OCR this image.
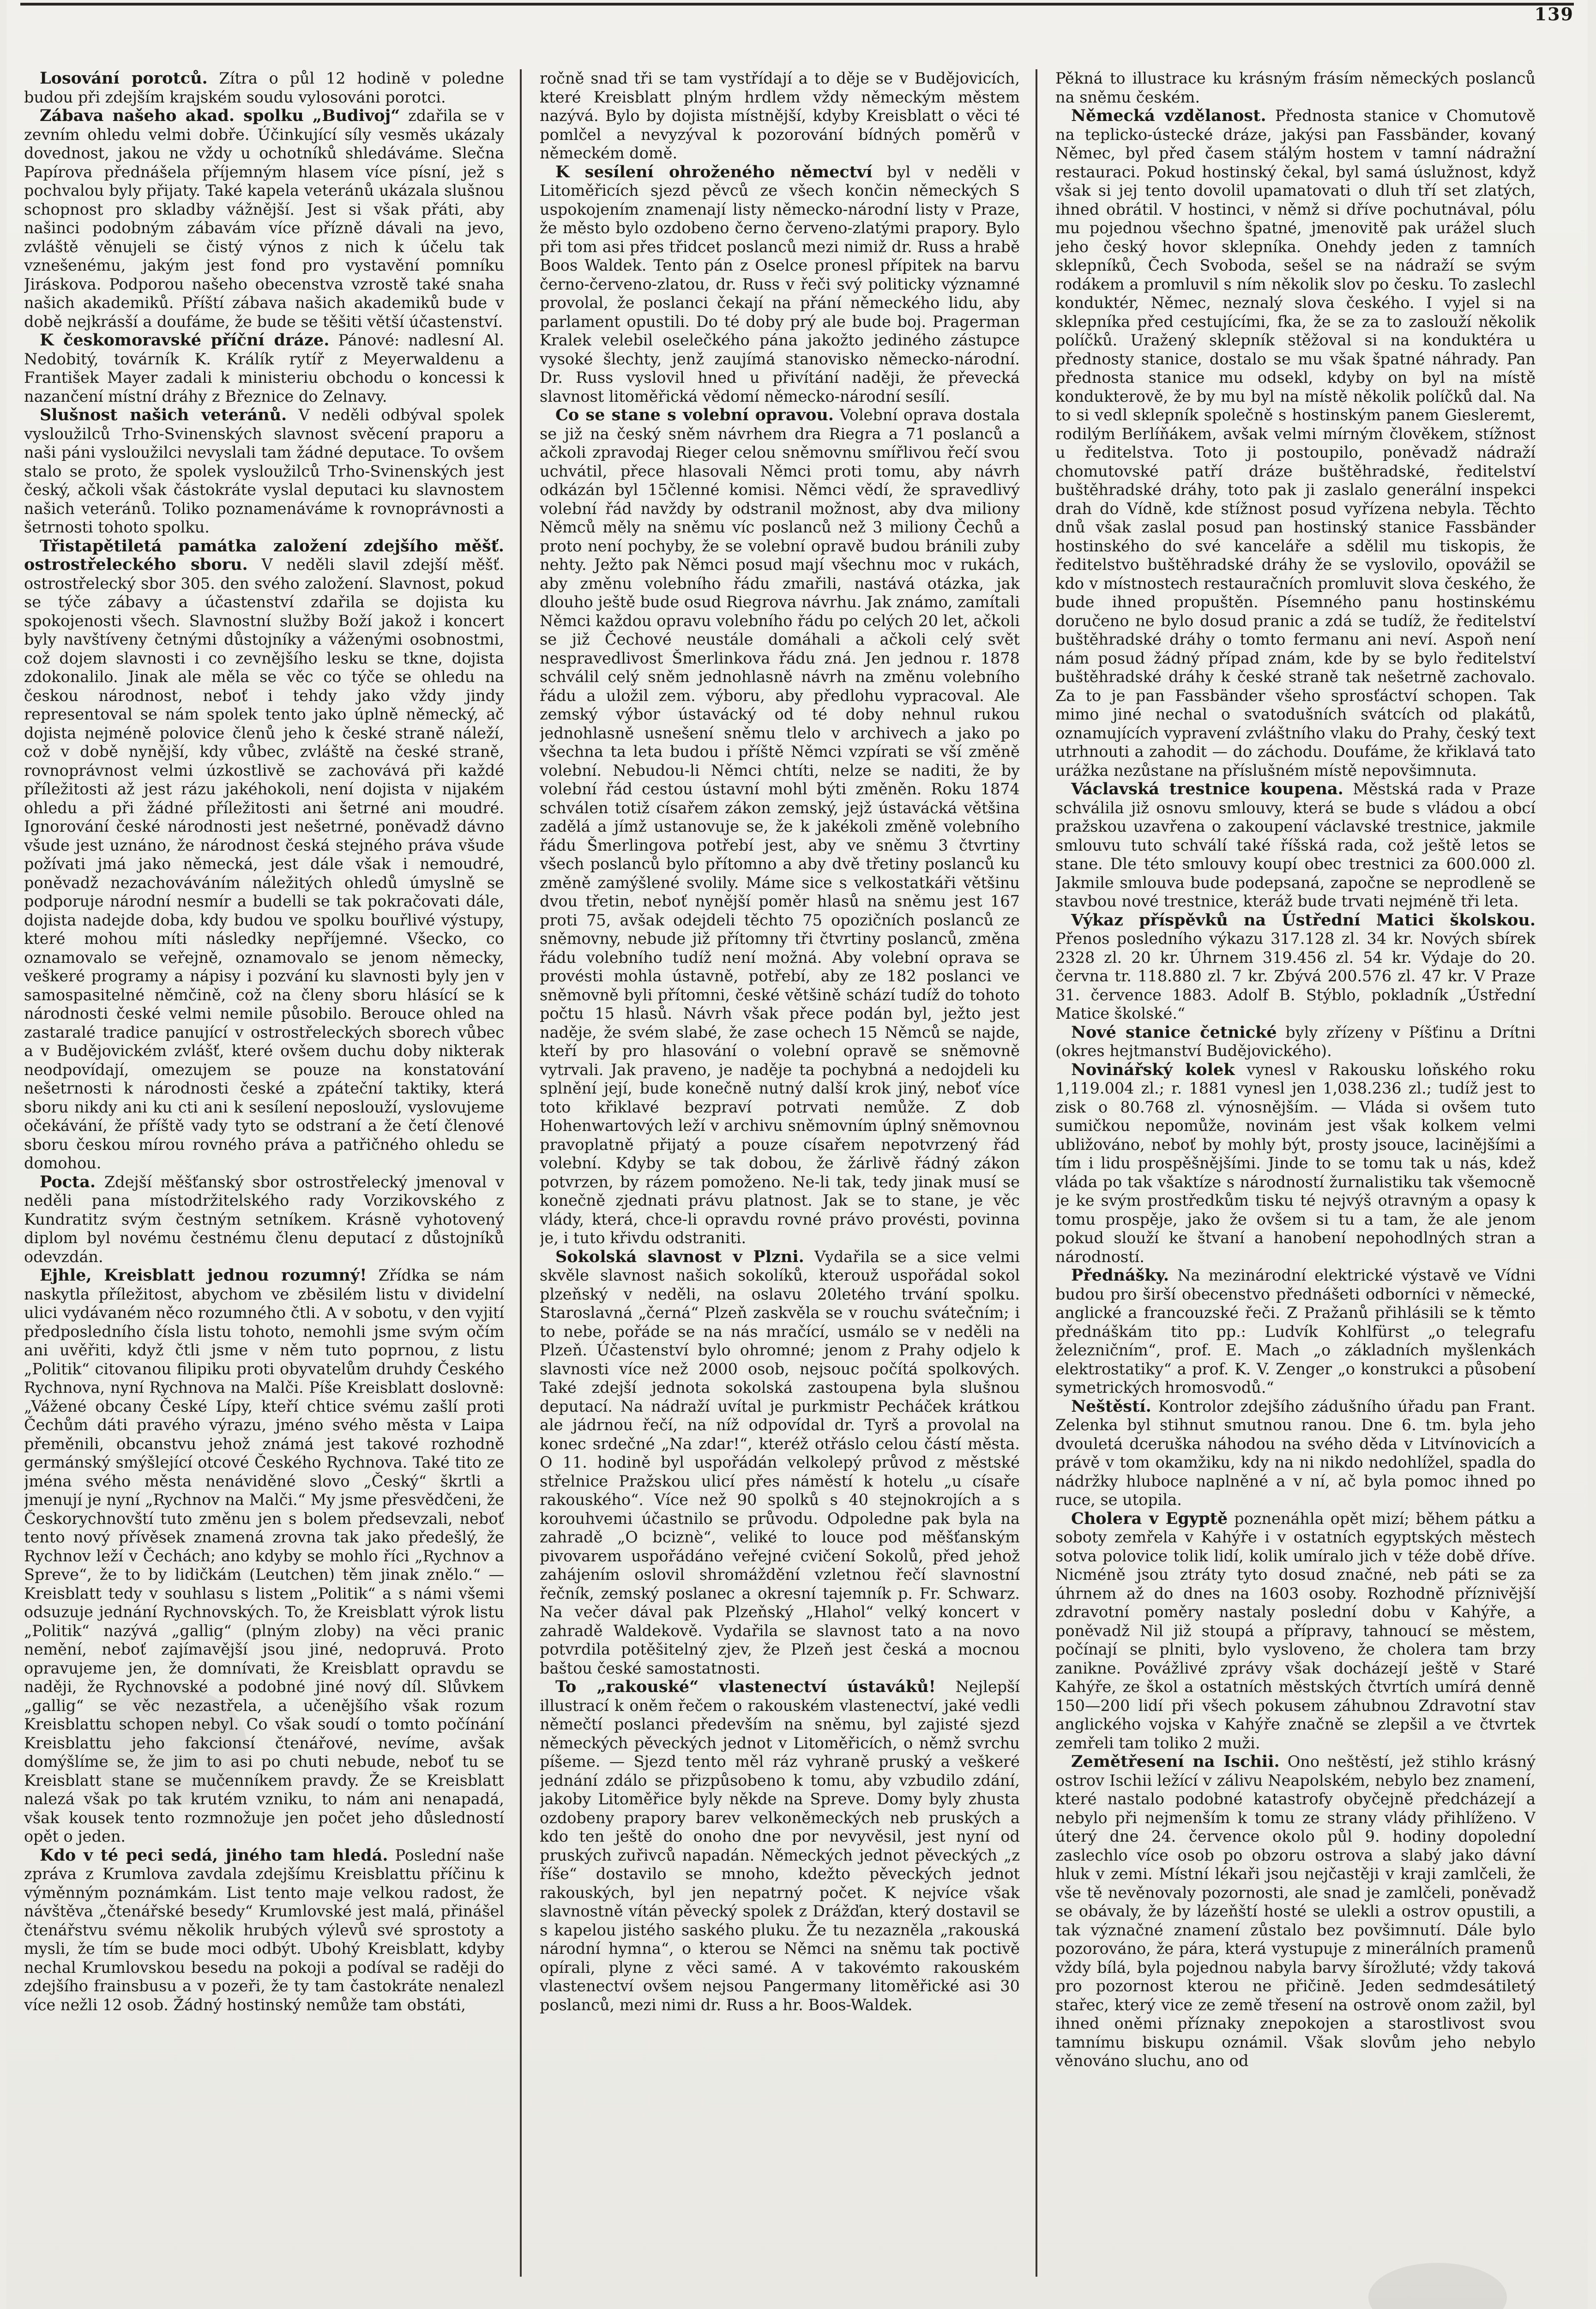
139

Losování porotců. Zítra o půl 12 hodině v poledne budou při zdejším krajském soudu vylosováni porotci.

Zábava našeho akad. spolku „Budivoj“ zdařila se v zevním ohledu velmi dobře. Účinkující síly vesměs ukázaly dovednost, jakou ne vždy u ochotníků shledáváme. Slečna Papírova přednášela příjemným hlasem více písní, jež s pochvalou byly přijaty. Také kapela veteránů ukázala slušnou schopnost pro skladby vážnější. Jest si však přáti, aby našinci podobným zábavám více přízně dávali na jevo, zvláště věnujeli se čistý výnos z nich k účelu tak vznešenému, jakým jest fond pro vystavění pomníku Jiráskova. Podporou našeho obecenstva vzrostě také snaha našich akademiků. Příští zábava našich akademiků bude v době nejkrásší a doufáme, že bude se těšiti větší účastenství.

K českomoravské příční dráze. Pánové: nadlesní Al. Nedobitý, továrník K. Králík rytíř z Meyerwaldenu a František Mayer zadali k ministeriu obchodu o koncessi k nazančení místní dráhy z Březnice do Zelnavy.

Slušnost našich veteránů. V neděli odbýval spolek vysloužilců Trho-Svinenských slavnost svěcení praporu a naši páni vysloužilci nevyslali tam žádné deputace. To ovšem stalo se proto, že spolek vysloužilců Trho-Svinenských jest český, ačkoli však částokráte vyslal deputaci ku slavnostem našich veteránů. Toliko poznamenáváme k rovnoprávnosti a šetrnosti tohoto spolku.

Třistapětiletá památka založení zdejšího měšť. ostrostřeleckého sboru. V neděli slavil zdejší měšť. ostrostřelecký sbor 305. den svého založení. Slavnost, pokud se týče zábavy a účastenství zdařila se dojista ku spokojenosti všech. Slavnostní služby Boží jakož i koncert byly navštíveny četnými důstojníky a váženými osobnostmi, což dojem slavnosti i co zevnějšího lesku se tkne, dojista zdokonalilo. Jinak ale měla se věc co týče se ohledu na českou národnost, neboť i tehdy jako vždy jindy representoval se nám spolek tento jako úplně německý, ač dojista nejméně polovice členů jeho k české straně náleží, což v době nynější, kdy vůbec, zvláště na české straně, rovnoprávnost velmi úzkostlivě se zachovává při každé příležitosti až jest rázu jakéhokoli, není dojista v nijakém ohledu a při žádné příležitosti ani šetrné ani moudré. Ignorování české národnosti jest nešetrné, poněvadž dávno všude jest uznáno, že národnost česká stejného práva všude požívati jmá jako německá, jest dále však i nemoudré, poněvadž nezachováváním náležitých ohledů úmyslně se podporuje národní nesmír a budelli se tak pokračovati dále, dojista nadejde doba, kdy budou ve spolku bouřlivé výstupy, které mohou míti následky nepříjemné. Všecko, co oznamovalo se veřejně, oznamovalo se jenom německy, veškeré programy a nápisy i pozvání ku slavnosti byly jen v samospasitelné němčině, což na členy sboru hlásící se k národnosti české velmi nemile působilo. Berouce ohled na zastaralé tradice panující v ostrostřeleckých sborech vůbec a v Budějovickém zvlášť, které ovšem duchu doby nikterak neodpovídají, omezujem se pouze na konstatování nešetrnosti k národnosti české a zpáteční taktiky, která sboru nikdy ani ku cti ani k sesílení neposlouží, vyslovujeme očekávání, že příště vady tyto se odstraní a že četí členové sboru českou mírou rovného práva a patřičného ohledu se domohou.

Pocta. Zdejší měšťanský sbor ostrostřelecký jmenoval v neděli pana místodržitelského rady Vorzikovského z Kundratitz svým čestným setníkem. Krásně vyhotovený diplom byl novému čestnému členu deputací z důstojníků odevzdán.

Ejhle, Kreisblatt jednou rozumný! Zřídka se nám naskytla příležitost, abychom ve zběsilém listu v dividelní ulici vydávaném něco rozumného čtli. A v sobotu, v den vyjití předposledního čísla listu tohoto, nemohli jsme svým očím ani uvěřiti, když čtli jsme v něm tuto poprnou, z listu „Politik“ citovanou filipiku proti obyvatelům druhdy Českého Rychnova, nyní Rychnova na Malči. Píše Kreisblatt doslovně: „Vážené obcany České Lípy, kteří chtice svému zašlí proti Čechům dáti pravého výrazu, jméno svého města v Laipa přeměnili, obcanstvu jehož známá jest takové rozhodně germánský smýšlející otcové Českého Rychnova. Také tito ze jména svého města nenáviděné slovo „Český“ škrtli a jmenují je nyní „Rychnov na Malči.“ My jsme přesvědčeni, že Českorychnovští tuto změnu jen s bolem předsevzali, neboť tento nový přívěsek znamená zrovna tak jako předešlý, že Rychnov leží v Čechách; ano kdyby se mohlo říci „Rychnov a Spreve“, že to by lidičkám (Leutchen) těm jinak znělo.“ — Kreisblatt tedy v souhlasu s listem „Politik“ a s námi všemi odsuzuje jednání Rychnovských. To, že Kreisblatt výrok listu „Politik“ nazývá „gallig“ (plným zloby) na věci pranic nemění, neboť zajímavější jsou jiné, nedopruvá. Proto opravujeme jen, že domnívati, že Kreisblatt opravdu se naději, že Rychnovské a podobné jiné nový díl. Slůvkem „gallig“ se věc nezastřela, a učenějšího však rozum Kreisblattu schopen nebyl. Co však soudí o tomto počínání Kreisblattu jeho fakcionsí čtenářové, nevíme, avšak domýšlíme se, že jim to asi po chuti nebude, neboť tu se Kreisblatt stane se mučenníkem pravdy. Že se Kreisblatt nalezá však po tak krutém vzniku, to nám ani nenapadá, však kousek tento rozmnožuje jen počet jeho důsledností opět o jeden.

Kdo v té peci sedá, jiného tam hledá. Poslední naše zpráva z Krumlova zavdala zdejšímu Kreisblattu příčinu k výměnným poznámkám. List tento maje velkou radost, že návštěva „čtenářské besedy“ Krumlovské jest malá, přinášel čtenářstvu svému několik hrubých výlevů své sprostoty a mysli, že tím se bude moci odbýt. Ubohý Kreisblatt, kdyby nechal Krumlovskou besedu na pokoji a podíval se raději do zdejšího frainsbusu a v pozeři, že ty tam častokráte nenalezl více nežli 12 osob. Žádný hostinský nemůže tam obstáti,

ročně snad tři se tam vystřídají a to děje se v Budějovicích, které Kreisblatt plným hrdlem vždy německým městem nazývá. Bylo by dojista místnější, kdyby Kreisblatt o věci té pomlčel a nevyzýval k pozorování bídných poměrů v německém domě.

K sesílení ohroženého němectví byl v neděli v Litoměřicích sjezd pěvců ze všech končin německých S uspokojením znamenají listy německo-národní listy v Praze, že město bylo ozdobeno černo červeno-zlatými prapory. Bylo při tom asi přes třidcet poslanců mezi nimiž dr. Russ a hrabě Boos Waldek. Tento pán z Oselce pronesl přípitek na barvu černo-červeno-zlatou, dr. Russ v řeči svý politicky významné provolal, že poslanci čekají na přání německého lidu, aby parlament opustili. Do té doby prý ale bude boj. Pragerman Kralek velebil oselečkého pána jakožto jediného zástupce vysoké šlechty, jenž zaujímá stanovisko německo-národní. Dr. Russ vyslovil hned u přivítání naději, že převecká slavnost litoměřická vědomí německo-národní sesílí.

Co se stane s volební opravou. Volební oprava dostala se již na český sněm návrhem dra Riegra a 71 poslanců a ačkoli zpravodaj Rieger celou sněmovnu smířlivou řečí svou uchvátil, přece hlasovali Němci proti tomu, aby návrh odkázán byl 15členné komisi. Němci vědí, že spravedlivý volební řád navždy by odstranil možnost, aby dva miliony Němců měly na sněmu víc poslanců než 3 miliony Čechů a proto není pochyby, že se volební opravě budou bránili zuby nehty. Ježto pak Němci posud mají všechnu moc v rukách, aby změnu volebního řádu zmařili, nastává otázka, jak dlouho ještě bude osud Riegrova návrhu. Jak známo, zamítali Němci každou opravu volebního řádu po celých 20 let, ačkoli se již Čechové neustále domáhali a ačkoli celý svět nespravedlivost Šmerlinkova řádu zná. Jen jednou r. 1878 schválil celý sněm jednohlasně návrh na změnu volebního řádu a uložil zem. výboru, aby předlohu vypracoval. Ale zemský výbor ústavácký od té doby nehnul rukou jednohlasně usnešení sněmu tlelo v archivech a jako po všechna ta leta budou i příště Němci vzpírati se vší změně volební. Nebudou-li Němci chtíti, nelze se naditi, že by volební řád cestou ústavní mohl býti změněn. Roku 1874 schválen totiž císařem zákon zemský, jejž ústavácká většina zadělá a jímž ustanovuje se, že k jakékoli změně volebního řádu Šmerlingova potřebí jest, aby ve sněmu 3 čtvrtiny všech poslanců bylo přítomno a aby dvě třetiny poslanců ku změně zamýšlené svolily. Máme sice s velkostatkáři většinu dvou třetin, neboť nynější poměr hlasů na sněmu jest 167 proti 75, avšak odejdeli těchto 75 opozičních poslanců ze sněmovny, nebude již přítomny tři čtvrtiny poslanců, změna řádu volebního tudíž není možná. Aby volební oprava se provésti mohla ústavně, potřebí, aby ze 182 poslanci ve sněmovně byli přítomni, české většině schází tudíž do tohoto počtu 15 hlasů. Návrh však přece podán byl, ježto jest naděje, že svém slabé, že zase ochech 15 Němců se najde, kteří by pro hlasování o volební opravě se sněmovně vytrvali. Jak praveno, je naděje ta pochybná a nedojdeli ku splnění její, bude konečně nutný další krok jiný, neboť více toto křiklavé bezpraví potrvati nemůže. Z dob Hohenwartových leží v archivu sněmovním úplný sněmovnou pravoplatně přijatý a pouze císařem nepotvrzený řád volební. Kdyby se tak dobou, že žárlivě řádný zákon potvrzen, by rázem pomoženo. Ne-li tak, tedy jinak musí se konečně zjednati právu platnost. Jak se to stane, je věc vlády, která, chce-li opravdu rovné právo provésti, povinna je, i tuto křivdu odstraniti.

Sokolská slavnost v Plzni. Vydařila se a sice velmi skvěle slavnost našich sokolíků, kterouž uspořádal sokol plzeňský v neděli, na oslavu 20letého trvání spolku. Staroslavná „černá“ Plzeň zaskvěla se v rouchu svátečním; i to nebe, pořáde se na nás mračící, usmálo se v neděli na Plzeň. Účastenství bylo ohromné; jenom z Prahy odjelo k slavnosti více než 2000 osob, nejsouc počítá spolkových. Také zdejší jednota sokolská zastoupena byla slušnou deputací. Na nádraží uvítal je purkmistr Pecháček krátkou ale jádrnou řečí, na níž odpovídal dr. Tyrš a provolal na konec srdečné „Na zdar!“, kteréž otřáslo celou částí města. O 11. hodině byl uspořádán velkolepý průvod z městské střelnice Pražskou ulicí přes náměstí k hotelu „u císaře rakouského“. Více než 90 spolků s 40 stejnokrojích a s korouhvemi účastnilo se průvodu. Odpoledne pak byla na zahradě „O bciznè“, veliké to louce pod měšťanským pivovarem uspořádáno veřejné cvičení Sokolů, před jehož zahájením oslovil shromáždění vzletnou řečí slavnostní řečník, zemský poslanec a okresní tajemník p. Fr. Schwarz. Na večer dával pak Plzeňský „Hlahol“ velký koncert v zahradě Waldekově. Vydařila se slavnost tato a na novo potvrdila potěšitelný zjev, že Plzeň jest česká a mocnou baštou české samostatnosti.

To „rakouské“ vlastenectví ústaváků! Nejlepší illustrací k oněm řečem o rakouském vlastenectví, jaké vedli němečtí poslanci především na sněmu, byl zajisté sjezd německých pěveckých jednot v Litoměřicích, o němž svrchu píšeme. — Sjezd tento měl ráz vyhraně pruský a veškeré jednání zdálo se přizpůsobeno k tomu, aby vzbudilo zdání, jakoby Litoměřice byly někde na Spreve. Domy byly zhusta ozdobeny prapory barev velkoněmeckých neb pruských a kdo ten ještě do onoho dne por nevyvěsil, jest nyní od pruských zuřivců napadán. Německých jednot pěveckých „z říše“ dostavilo se mnoho, kdežto pěveckých jednot rakouských, byl jen nepatrný počet. K nejvíce však slavnostně vítán pěvecký spolek z Drážďan, který dostavil se s kapelou jistého saského pluku. Že tu nezazněla „rakouská národní hymna“, o kterou se Němci na sněmu tak poctivě opírali, plyne z věci samé. A v takovémto rakouském vlastenectví ovšem nejsou Pangermany litoměřické asi 30 poslanců, mezi nimi dr. Russ a hr. Boos-Waldek.

Pěkná to illustrace ku krásným frásím německých poslanců na sněmu českém.

Německá vzdělanost. Přednosta stanice v Chomutově na teplicko-ústecké dráze, jakýsi pan Fassbänder, kovaný Němec, byl před časem stálým hostem v tamní nádražní restauraci. Pokud hostinský čekal, byl samá úslužnost, když však si jej tento dovolil upamatovati o dluh tří set zlatých, ihned obrátil. V hostinci, v němž si dříve pochutnával, pólu mu pojednou všechno špatné, jmenovitě pak urážel sluch jeho český hovor sklepníka. Onehdy jeden z tamních sklepníků, Čech Svoboda, sešel se na nádraží se svým rodákem a promluvil s ním několik slov po česku. To zaslechl konduktér, Němec, neznalý slova českého. I vyjel si na sklepníka před cestujícími, fka, že se za to zaslouží několik políčků. Uražený sklepník stěžoval si na konduktéra u přednosty stanice, dostalo se mu však špatné náhrady. Pan přednosta stanice mu odsekl, kdyby on byl na místě kondukterově, že by mu byl na místě několik políčků dal. Na to si vedl sklepník společně s hostinským panem Giesleremt, rodilým Berlíňákem, avšak velmi mírným člověkem, stížnost u ředitelstva. Toto ji postoupilo, poněvadž nádraží chomutovské patří dráze buštěhradské, ředitelství buštěhradské dráhy, toto pak ji zaslalo generální inspekci drah do Vídně, kde stížnost posud vyřízena nebyla. Těchto dnů však zaslal posud pan hostinský stanice Fassbänder hostinského do své kanceláře a sdělil mu tiskopis, že ředitelstvo buštěhradské dráhy že se vyslovilo, opovážil se kdo v místnostech restauračních promluvit slova českého, že bude ihned propuštěn. Písemného panu hostinskému doručeno ne bylo dosud pranic a zdá se tudíž, že ředitelství buštěhradské dráhy o tomto fermanu ani neví. Aspoň není nám posud žádný případ znám, kde by se bylo ředitelství buštěhradské dráhy k české straně tak nešetrně zachovalo. Za to je pan Fassbänder všeho sprosťáctví schopen. Tak mimo jiné nechal o svatodušních svátcích od plakátů, oznamujících vypravení zvláštního vlaku do Prahy, český text utrhnouti a zahodit — do záchodu. Doufáme, že křiklavá tato urážka nezůstane na příslušném místě nepovšimnuta.

Václavská trestnice koupena. Městská rada v Praze schválila již osnovu smlouvy, která se bude s vládou a obcí pražskou uzavřena o zakoupení václavské trestnice, jakmile smlouvu tuto schválí také říšská rada, což ještě letos se stane. Dle této smlouvy koupí obec trestnici za 600.000 zl. Jakmile smlouva bude podepsaná, započne se neprodleně se stavbou nové trestnice, kteráž bude trvati nejméně tři leta.

Výkaz příspěvků na Ústřední Matici školskou. Přenos posledního výkazu 317.128 zl. 34 kr. Nových sbírek 2328 zl. 20 kr. Úhrnem 319.456 zl. 54 kr. Výdaje do 20. června tr. 118.880 zl. 7 kr. Zbývá 200.576 zl. 47 kr. V Praze 31. července 1883. Adolf B. Stýblo, pokladník „Ústřední Matice školské.“

Nové stanice četnické byly zřízeny v Píšťinu a Drítni (okres hejtmanství Budějovického).

Novinářský kolek vynesl v Rakousku loňského roku 1,119.004 zl.; r. 1881 vynesl jen 1,038.236 zl.; tudíž jest to zisk o 80.768 zl. výnosnějším. — Vláda si ovšem tuto sumičkou nepomůže, novinám jest však kolkem velmi ubližováno, neboť by mohly být, prosty jsouce, lacinějšími a tím i lidu prospěšnějšími. Jinde to se tomu tak u nás, kdež vláda po tak všaktíze s národností žurnalistiku tak všemocně je ke svým prostředkům tisku té nejvýš otravným a opasy k tomu prospěje, jako že ovšem si tu a tam, že ale jenom pokud slouží ke štvaní a hanobení nepohodlných stran a národností.

Přednášky. Na mezinárodní elektrické výstavě ve Vídni budou pro širší obecenstvo přednášeti odborníci v německé, anglické a francouzské řeči. Z Pražanů přihlásili se k těmto přednáškám tito pp.: Ludvík Kohlfürst „o telegrafu železničním“, prof. E. Mach „o základních myšlenkách elektrostatiky“ a prof. K. V. Zenger „o konstrukci a působení symetrických hromosvodů.“

Neštěstí. Kontrolor zdejšího zádušního úřadu pan Frant. Zelenka byl stihnut smutnou ranou. Dne 6. tm. byla jeho dvouletá dceruška náhodou na svého děda v Litvínovicích a právě v tom okamžiku, kdy na ni nikdo nedohlížel, spadla do nádržky hluboce naplněné a v ní, ač byla pomoc ihned po ruce, se utopila.

Cholera v Egyptě poznenáhla opět mizí; během pátku a soboty zemřela v Kahýře i v ostatních egyptských městech sotva polovice tolik lidí, kolik umíralo jich v téže době dříve. Nicméně jsou ztráty tyto dosud značné, neb páti se za úhrnem až do dnes na 1603 osoby. Rozhodně příznivější zdravotní poměry nastaly poslední dobu v Kahýře, a poněvadž Nil již stoupá a přípravy, tahnoucí se městem, počínají se plniti, bylo vysloveno, že cholera tam brzy zanikne. Povážlivé zprávy však docházejí ještě v Staré Kahýře, ze škol a ostatních městských čtvrtích umírá denně 150—200 lidí při všech pokusem záhubnou Zdravotní stav anglického vojska v Kahýře značně se zlepšil a ve čtvrtek zemřeli tam toliko 2 muži.

Zemětřesení na Ischii. Ono neštěstí, jež stihlo krásný ostrov Ischii ležící v zálivu Neapolském, nebylo bez znamení, které nastalo podobné katastrofy obyčejně předcházejí a nebylo při nejmenším k tomu ze strany vlády přihlíženo. V úterý dne 24. července okolo půl 9. hodiny dopolední zaslechlo více osob po obzoru ostrova a slabý jako dávní hluk v zemi. Místní lékaři jsou nejčastěji v kraji zamlčeli, že vše tě nevěnovaly pozornosti, ale snad je zamlčeli, poněvadž se obávaly, že by lázeňští hosté se ulekli a ostrov opustili, a tak význačné znamení zůstalo bez povšimnutí. Dále bylo pozorováno, že pára, která vystupuje z minerálních pramenů vždy bílá, byla pojednou nabyla barvy šírožluté; vždy taková pro pozornost kterou ne přičině. Jeden sedmdesátiletý stařec, který vice ze země třesení na ostrově onom zažil, byl ihned oněmi příznaky znepokojen a starostlivost svou tamnímu biskupu oznámil. Však slovům jeho nebylo věnováno sluchu, ano od
